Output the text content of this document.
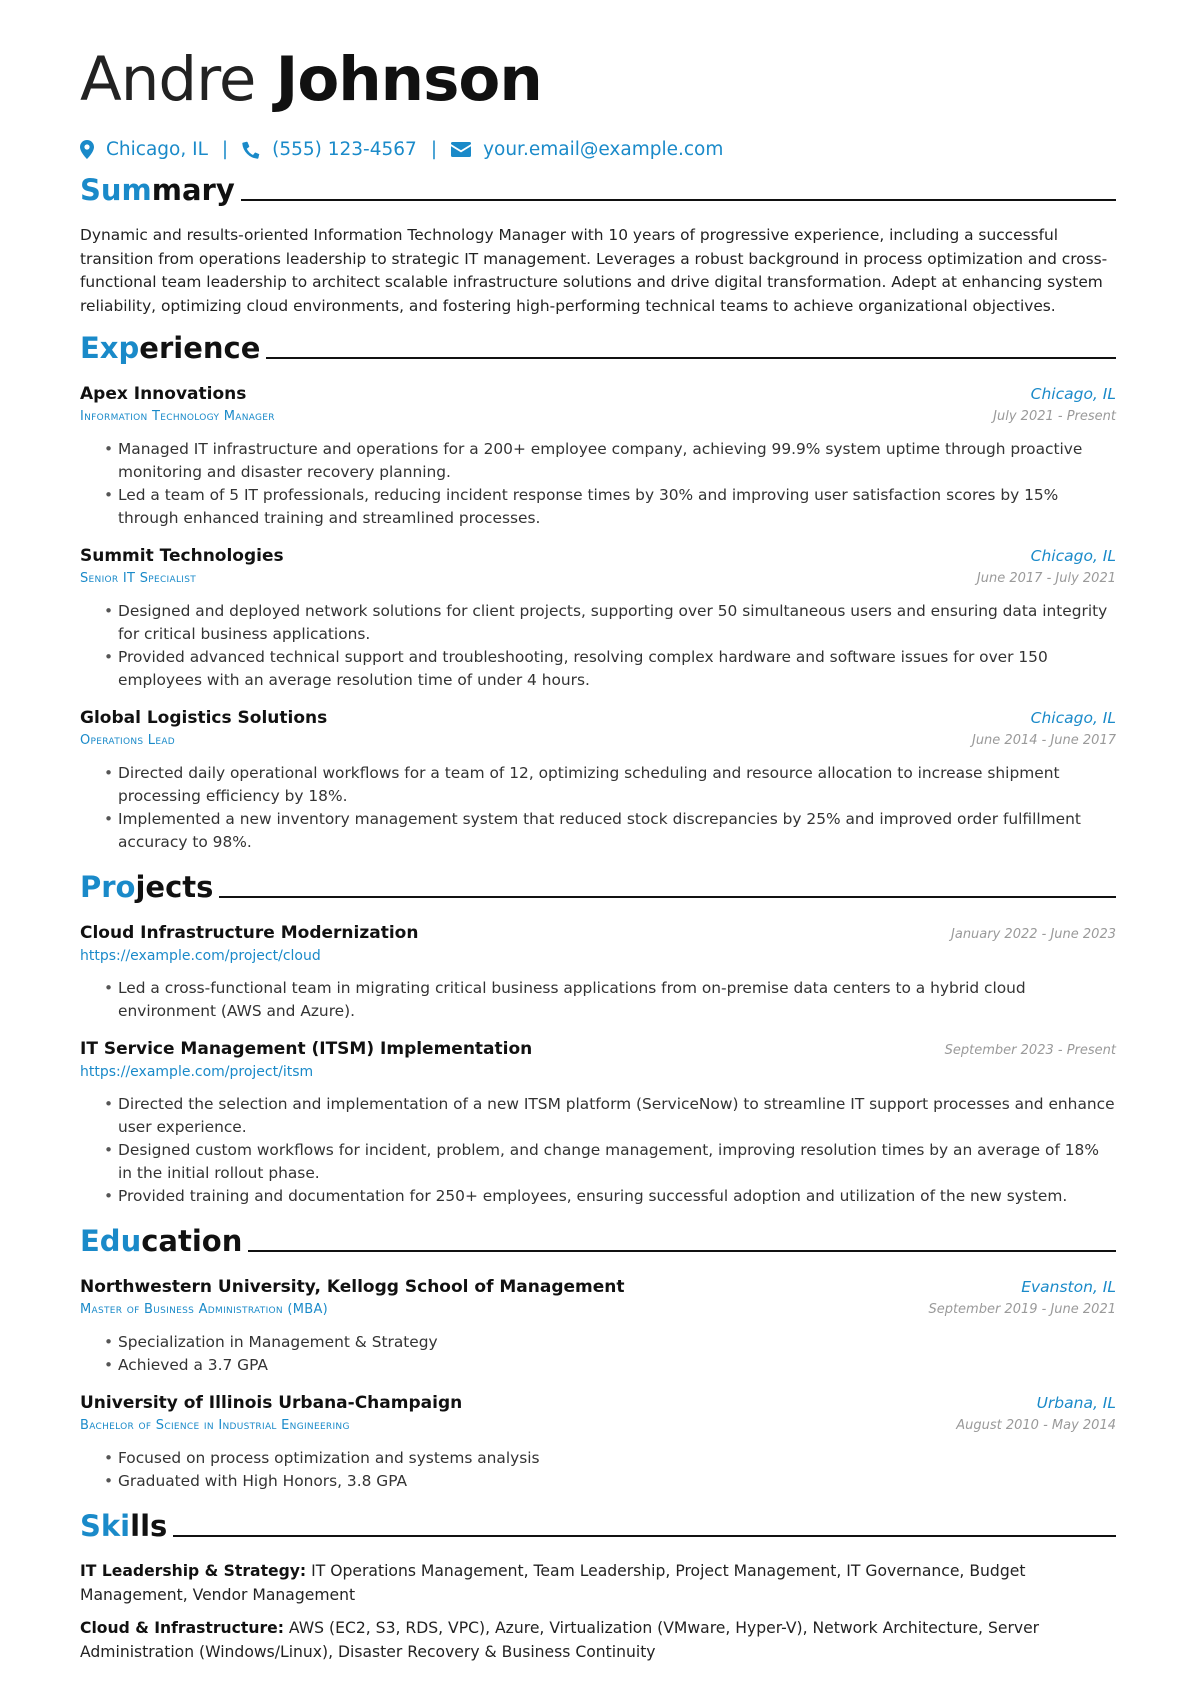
Andre Johnson
Chicago, IL | (555) 123-4567 | your.email@example.com
Summary

Dynamic and results-oriented Information Technology Manager with 10 years of progressive experience, including a successful transition from operations leadership to strategic IT management. Leverages a robust background in process optimization and cross-functional team leadership to architect scalable infrastructure solutions and drive digital transformation. Adept at enhancing system reliability, optimizing cloud environments, and fostering high-performing technical teams to achieve organizational objectives.

Experience
Apex Innovations	Chicago, IL
Information Technology Manager	July 2021 - Present
• Managed IT infrastructure and operations for a 200+ employee company, achieving 99.9% system uptime through proactive monitoring and disaster recovery planning.
• Led a team of 5 IT professionals, reducing incident response times by 30% and improving user satisfaction scores by 15% through enhanced training and streamlined processes.
Summit Technologies	Chicago, IL
Senior IT Specialist	June 2017 - July 2021
• Designed and deployed network solutions for client projects, supporting over 50 simultaneous users and ensuring data integrity for critical business applications.
• Provided advanced technical support and troubleshooting, resolving complex hardware and software issues for over 150 employees with an average resolution time of under 4 hours.
Global Logistics Solutions	Chicago, IL
Operations Lead	June 2014 - June 2017
• Directed daily operational workflows for a team of 12, optimizing scheduling and resource allocation to increase shipment processing efficiency by 18%.
• Implemented a new inventory management system that reduced stock discrepancies by 25% and improved order fulfillment accuracy to 98%.
Projects
Cloud Infrastructure Modernization	January 2022 - June 2023
https://example.com/project/cloud
• Led a cross-functional team in migrating critical business applications from on-premise data centers to a hybrid cloud environment (AWS and Azure).
IT Service Management (ITSM) Implementation	September 2023 - Present
https://example.com/project/itsm
• Directed the selection and implementation of a new ITSM platform (ServiceNow) to streamline IT support processes and enhance user experience.
• Designed custom workflows for incident, problem, and change management, improving resolution times by an average of 18% in the initial rollout phase.
• Provided training and documentation for 250+ employees, ensuring successful adoption and utilization of the new system.
Education
Northwestern University, Kellogg School of Management	Evanston, IL
Master of Business Administration (MBA)	September 2019 - June 2021
• Specialization in Management & Strategy
• Achieved a 3.7 GPA
University of Illinois Urbana-Champaign	Urbana, IL
Bachelor of Science in Industrial Engineering	August 2010 - May 2014
• Focused on process optimization and systems analysis
• Graduated with High Honors, 3.8 GPA
Skills

IT Leadership & Strategy: IT Operations Management, Team Leadership, Project Management, IT Governance, Budget Management, Vendor Management

Cloud & Infrastructure: AWS (EC2, S3, RDS, VPC), Azure, Virtualization (VMware, Hyper-V), Network Architecture, Server Administration (Windows/Linux), Disaster Recovery & Business Continuity
